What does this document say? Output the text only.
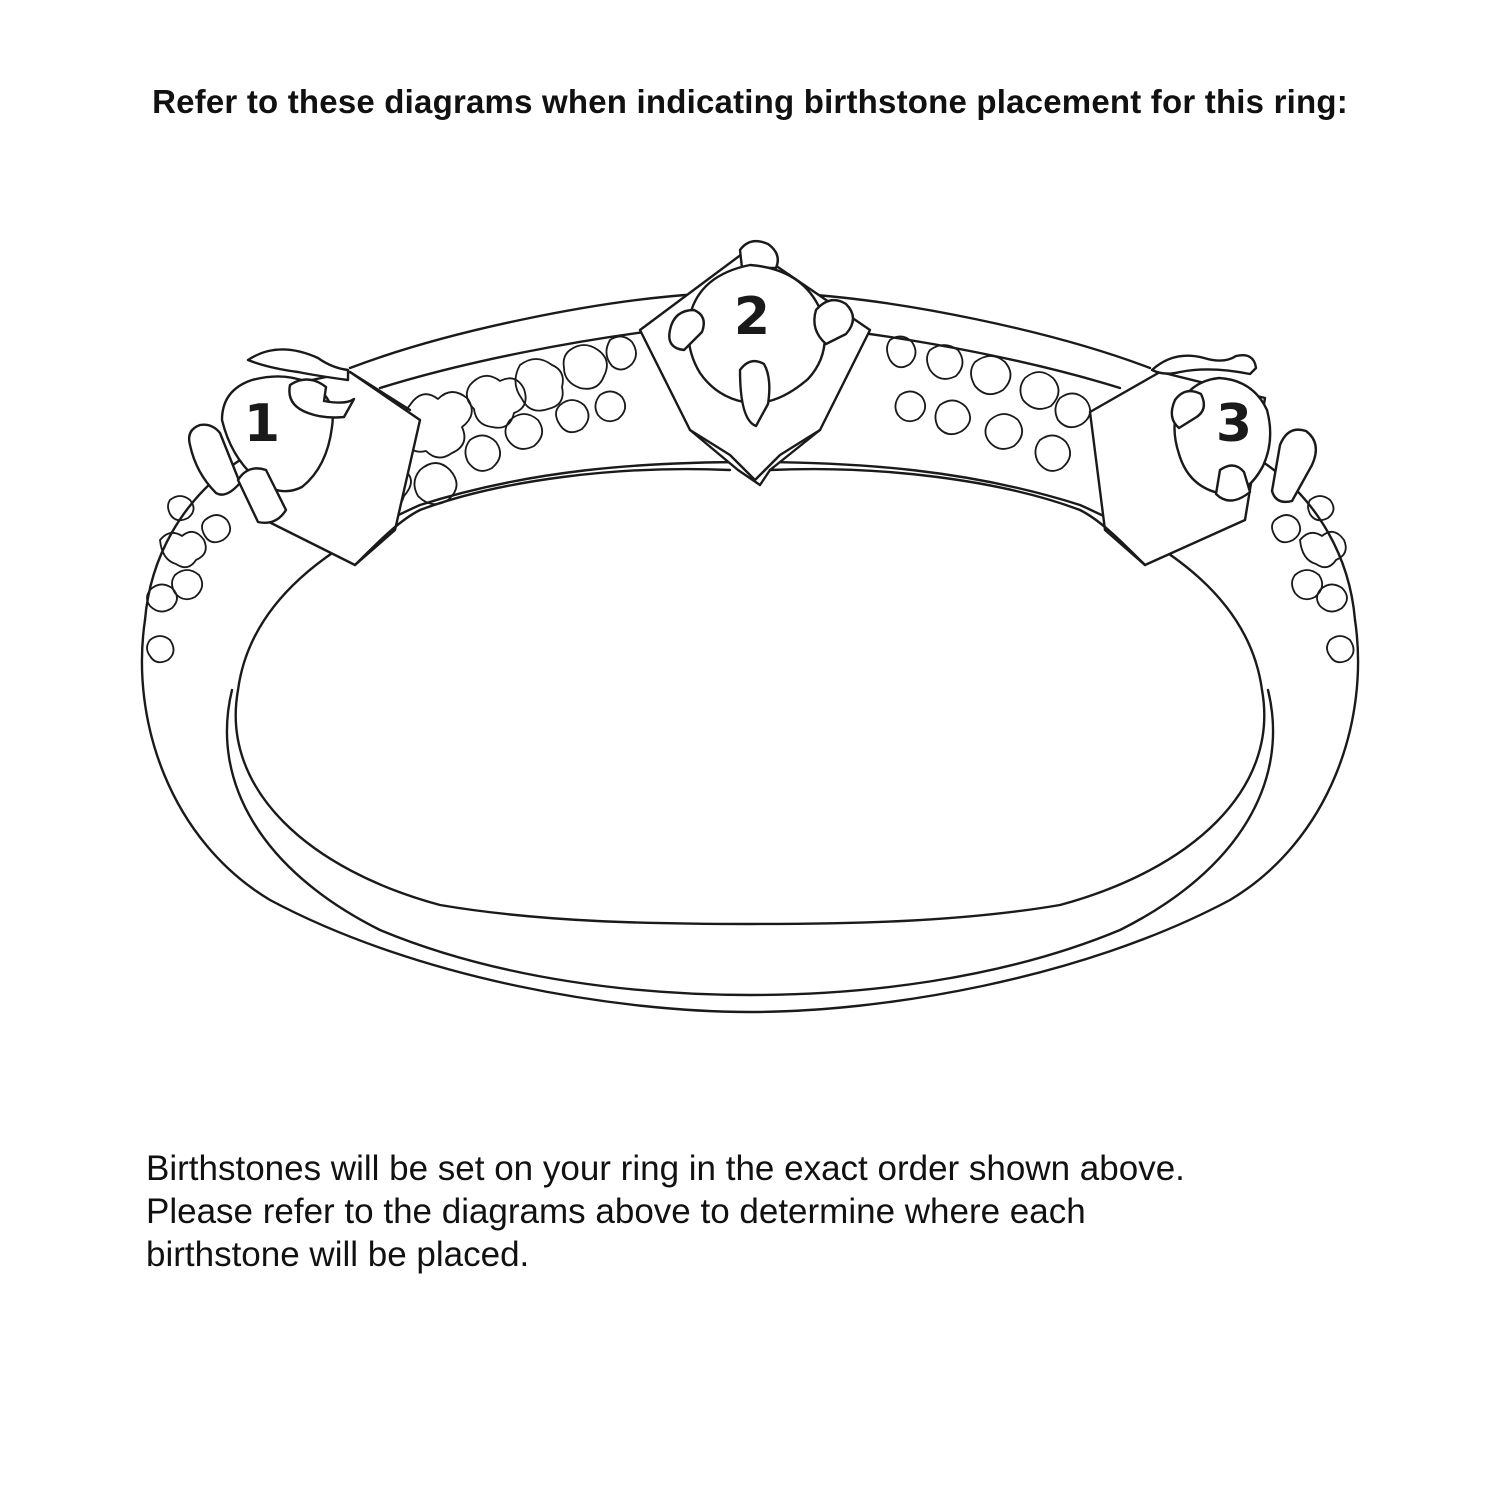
Refer to these diagrams when indicating birthstone placement for this ring:
1
2
3
Birthstones will be set on your ring in the exact order shown above.
Please refer to the diagrams above to determine where each
birthstone will be placed.
